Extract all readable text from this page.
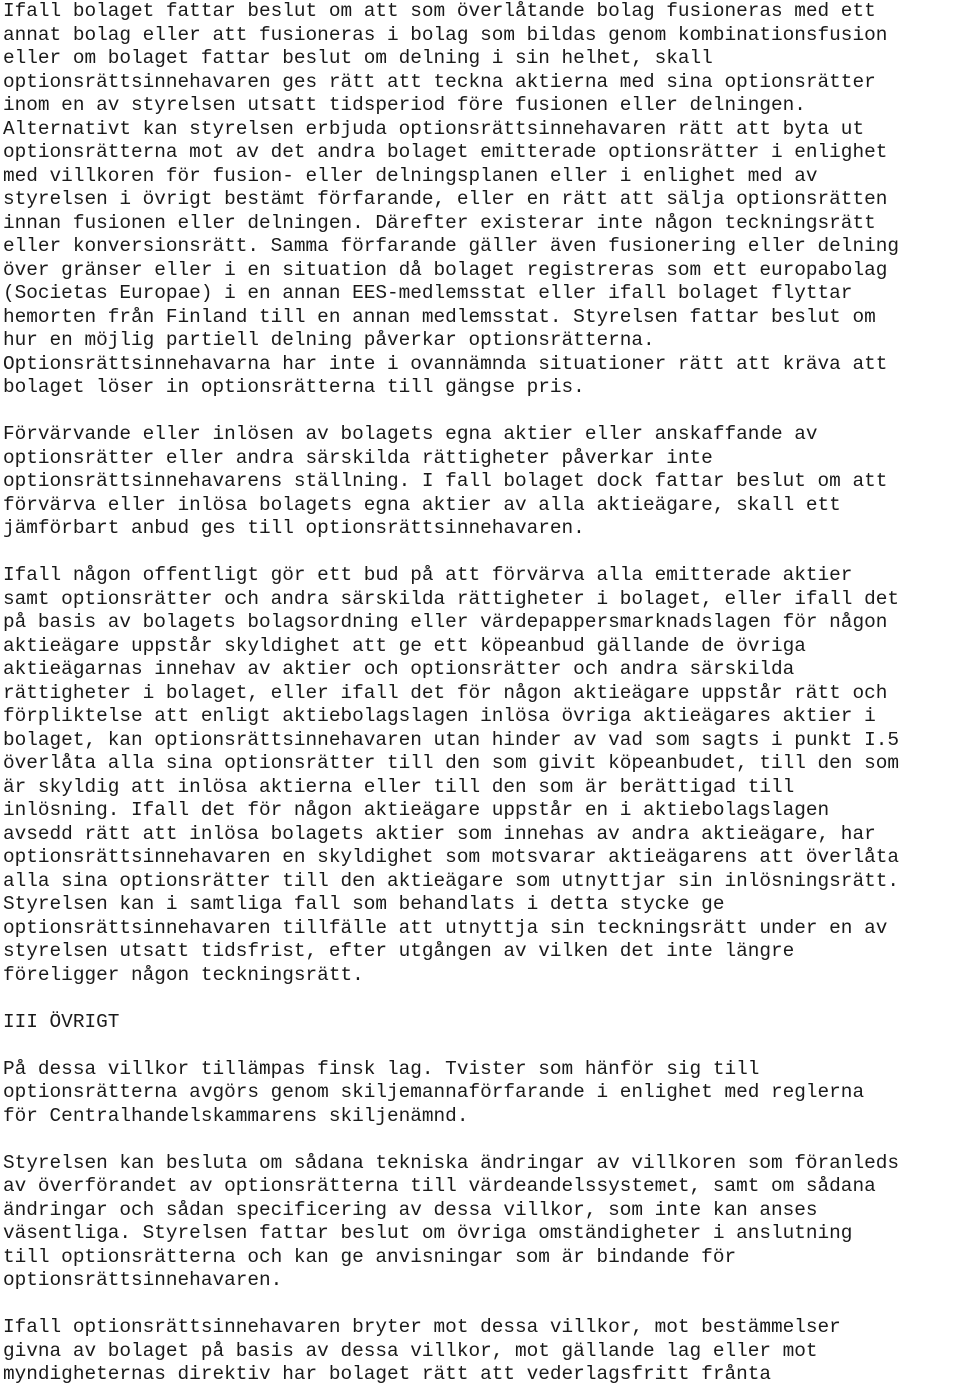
Ifall bolaget fattar beslut om att som överlåtande bolag fusioneras med ett
annat bolag eller att fusioneras i bolag som bildas genom kombinationsfusion
eller om bolaget fattar beslut om delning i sin helhet, skall
optionsrättsinnehavaren ges rätt att teckna aktierna med sina optionsrätter
inom en av styrelsen utsatt tidsperiod före fusionen eller delningen.
Alternativt kan styrelsen erbjuda optionsrättsinnehavaren rätt att byta ut
optionsrätterna mot av det andra bolaget emitterade optionsrätter i enlighet
med villkoren för fusion- eller delningsplanen eller i enlighet med av
styrelsen i övrigt bestämt förfarande, eller en rätt att sälja optionsrätten
innan fusionen eller delningen. Därefter existerar inte någon teckningsrätt
eller konversionsrätt. Samma förfarande gäller även fusionering eller delning
över gränser eller i en situation då bolaget registreras som ett europabolag
(Societas Europae) i en annan EES-medlemsstat eller ifall bolaget flyttar
hemorten från Finland till en annan medlemsstat. Styrelsen fattar beslut om
hur en möjlig partiell delning påverkar optionsrätterna.
Optionsrättsinnehavarna har inte i ovannämnda situationer rätt att kräva att
bolaget löser in optionsrätterna till gängse pris.
Förvärvande eller inlösen av bolagets egna aktier eller anskaffande av
optionsrätter eller andra särskilda rättigheter påverkar inte
optionsrättsinnehavarens ställning. I fall bolaget dock fattar beslut om att
förvärva eller inlösa bolagets egna aktier av alla aktieägare, skall ett
jämförbart anbud ges till optionsrättsinnehavaren.
Ifall någon offentligt gör ett bud på att förvärva alla emitterade aktier
samt optionsrätter och andra särskilda rättigheter i bolaget, eller ifall det
på basis av bolagets bolagsordning eller värdepappersmarknadslagen för någon
aktieägare uppstår skyldighet att ge ett köpeanbud gällande de övriga
aktieägarnas innehav av aktier och optionsrätter och andra särskilda
rättigheter i bolaget, eller ifall det för någon aktieägare uppstår rätt och
förpliktelse att enligt aktiebolagslagen inlösa övriga aktieägares aktier i
bolaget, kan optionsrättsinnehavaren utan hinder av vad som sagts i punkt I.5
överlåta alla sina optionsrätter till den som givit köpeanbudet, till den som
är skyldig att inlösa aktierna eller till den som är berättigad till
inlösning. Ifall det för någon aktieägare uppstår en i aktiebolagslagen
avsedd rätt att inlösa bolagets aktier som innehas av andra aktieägare, har
optionsrättsinnehavaren en skyldighet som motsvarar aktieägarens att överlåta
alla sina optionsrätter till den aktieägare som utnyttjar sin inlösningsrätt.
Styrelsen kan i samtliga fall som behandlats i detta stycke ge
optionsrättsinnehavaren tillfälle att utnyttja sin teckningsrätt under en av
styrelsen utsatt tidsfrist, efter utgången av vilken det inte längre
föreligger någon teckningsrätt.
III ÖVRIGT
På dessa villkor tillämpas finsk lag. Tvister som hänför sig till
optionsrätterna avgörs genom skiljemannaförfarande i enlighet med reglerna
för Centralhandelskammarens skiljenämnd.
Styrelsen kan besluta om sådana tekniska ändringar av villkoren som föranleds
av överförandet av optionsrätterna till värdeandelssystemet, samt om sådana
ändringar och sådan specificering av dessa villkor, som inte kan anses
väsentliga. Styrelsen fattar beslut om övriga omständigheter i anslutning
till optionsrätterna och kan ge anvisningar som är bindande för
optionsrättsinnehavaren.
Ifall optionsrättsinnehavaren bryter mot dessa villkor, mot bestämmelser
givna av bolaget på basis av dessa villkor, mot gällande lag eller mot
myndigheternas direktiv har bolaget rätt att vederlagsfritt frånta
